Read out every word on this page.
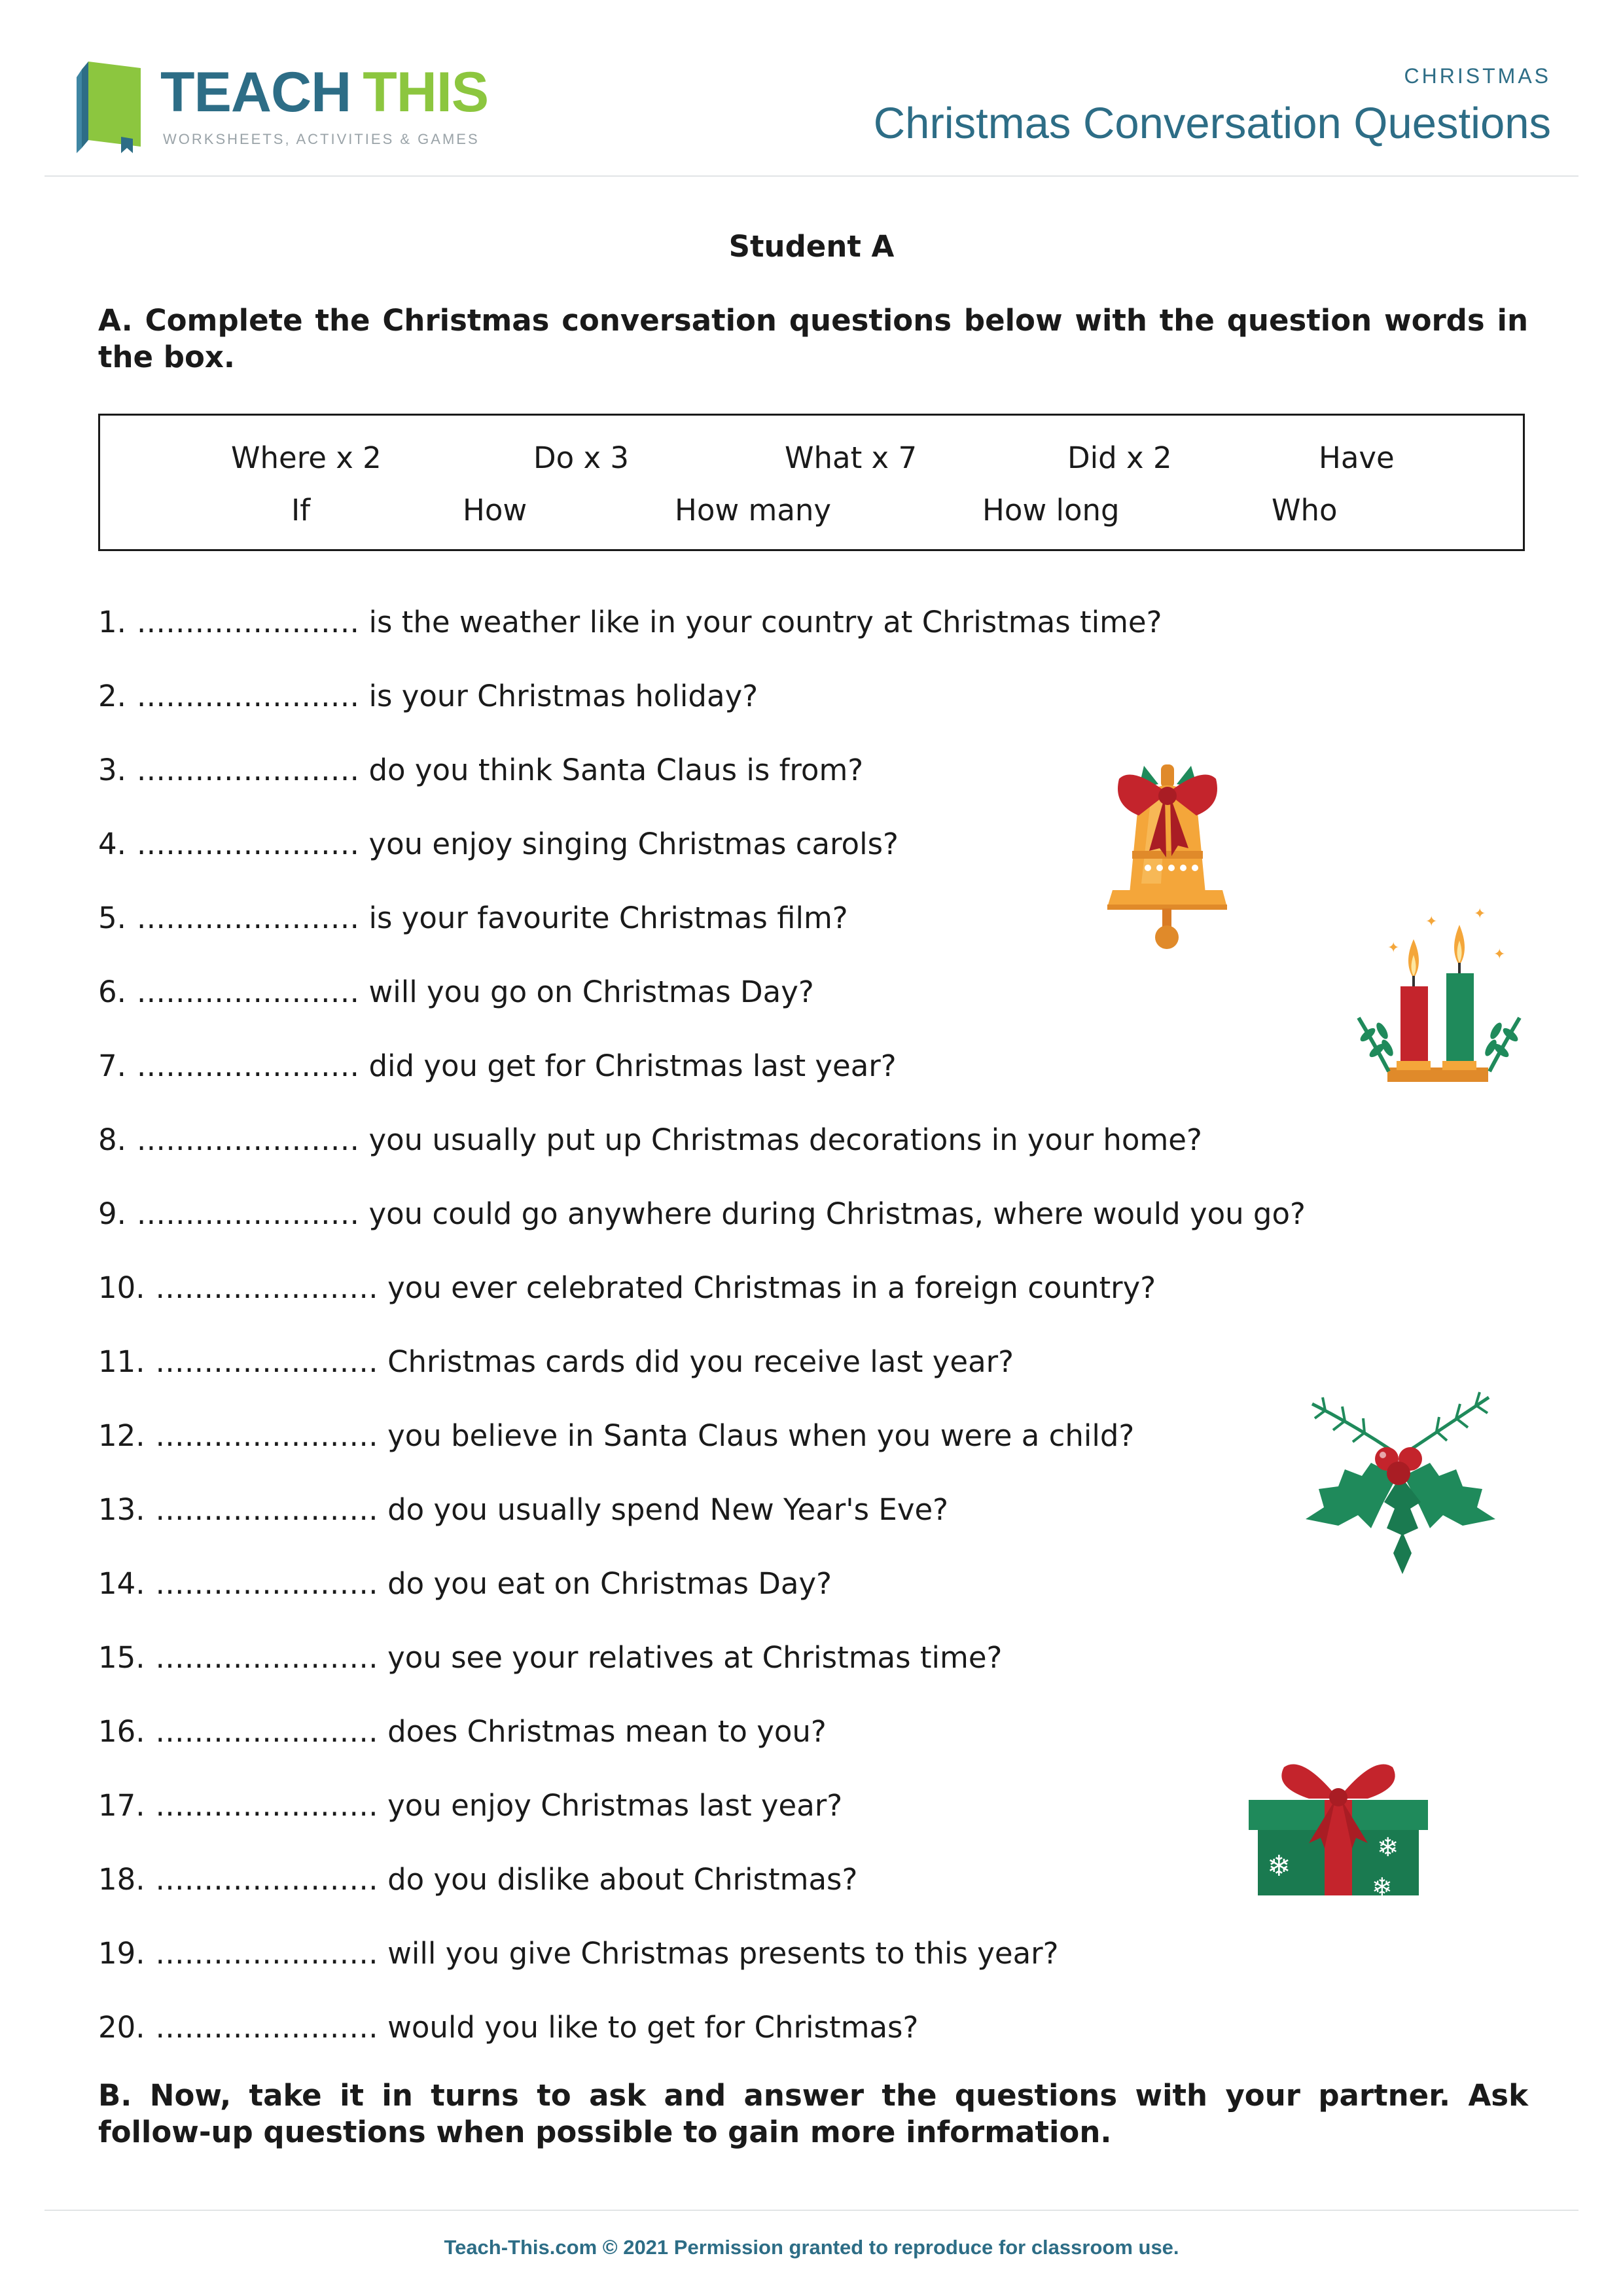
TEACH THIS
WORKSHEETS, ACTIVITIES & GAMES
CHRISTMAS
Christmas Conversation Questions
Student A

A. Complete the Christmas conversation questions below with the question words in the box.

Where x 2	Do x 3	What x 7	Did x 2	Have
If	How	How many	How long	Who
1. ....................... is the weather like in your country at Christmas time?
2. ....................... is your Christmas holiday?
3. ....................... do you think Santa Claus is from?
4. ....................... you enjoy singing Christmas carols?
5. ....................... is your favourite Christmas film?
6. ....................... will you go on Christmas Day?
7. ....................... did you get for Christmas last year?
8. ....................... you usually put up Christmas decorations in your home?
9. ....................... you could go anywhere during Christmas, where would you go?
10. ....................... you ever celebrated Christmas in a foreign country?
11. ....................... Christmas cards did you receive last year?
12. ....................... you believe in Santa Claus when you were a child?
13. ....................... do you usually spend New Year's Eve?
14. ....................... do you eat on Christmas Day?
15. ....................... you see your relatives at Christmas time?
16. ....................... does Christmas mean to you?
17. ....................... you enjoy Christmas last year?
18. ....................... do you dislike about Christmas?
19. ....................... will you give Christmas presents to this year?
20. ....................... would you like to get for Christmas?

B. Now, take it in turns to ask and answer the questions with your partner. Ask follow-up questions when possible to gain more information.

✦
✦	✦
✦
❄
❄
❄
Teach-This.com © 2021 Permission granted to reproduce for classroom use.
